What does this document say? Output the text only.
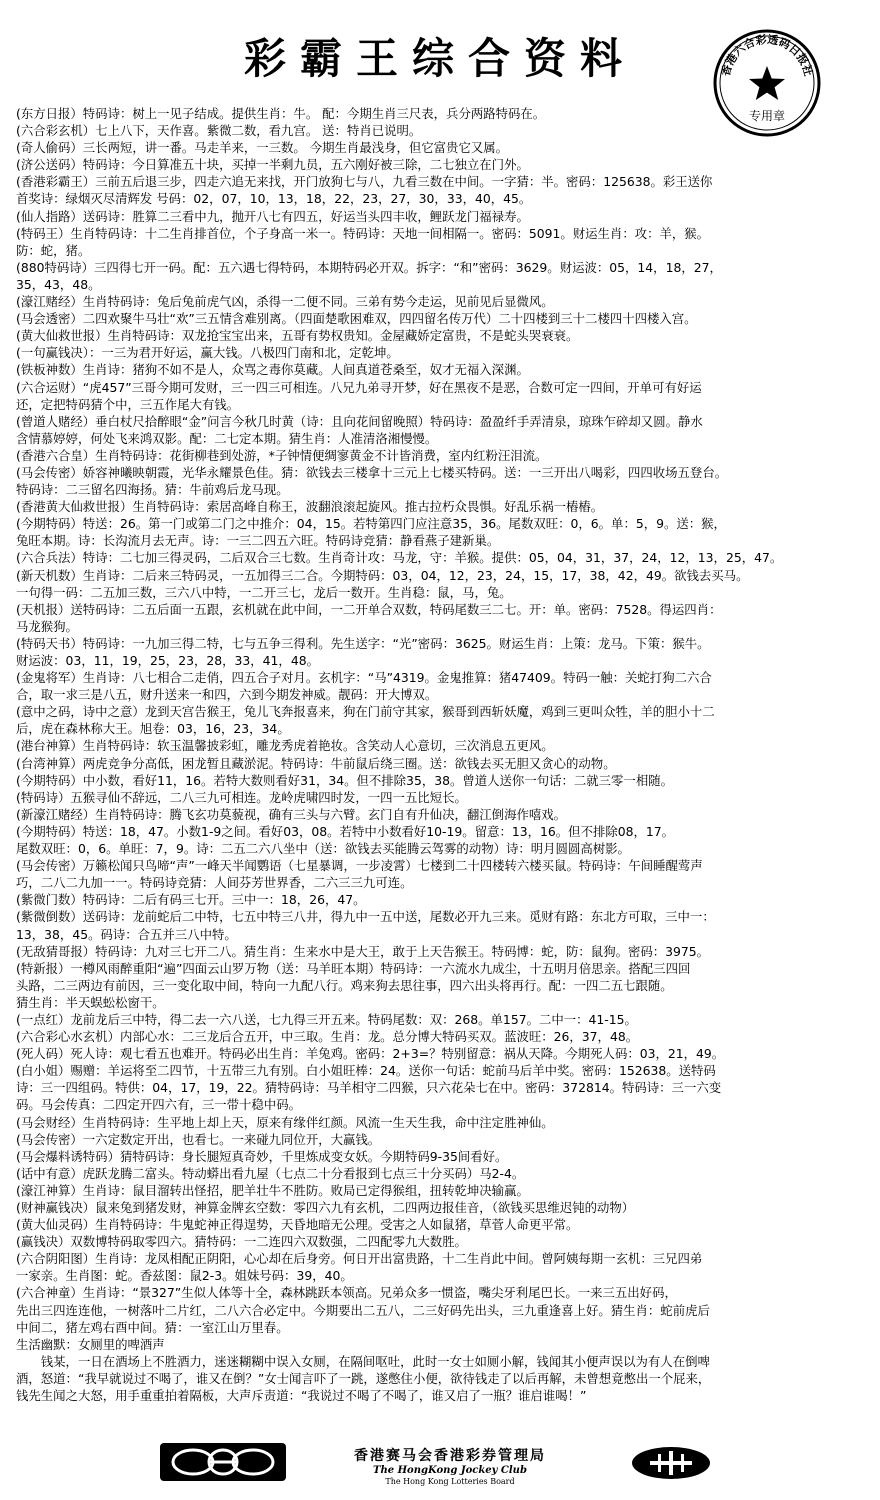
彩霸王综合资料	香港六合彩透码日报社
专用章
(东方日报）特码诗：树上一见子结成。提供生肖：牛。 配：今期生肖三尺表，兵分两路特码在。
(六合彩玄机）七上八下，天作喜。紫微二数，看九宫。 送：特肖已说明。
(奇人偷码）三长两短，讲一番。马走羊来，一三数。 今期生肖最浅身，但它富贵它又属。
(济公送码）特码诗：今日算准五十块，买掉一半剩九员，五六刚好被三除，二七独立在门外。
(香港彩霸王）三前五后退三步，四走六追无来找，开门放狗七与八，九看三数在中间。一字猜：半。密码：125638。彩王送你
首奖诗：绿烟灭尽清辉发 号码：02，07，10，13，18，22，23，27，30，33，40，45。
(仙人指路）送码诗：胜算二三看中九，抛开八七有四五，好运当头四丰收，鲤跃龙门福禄寿。
(特码王）生肖特码诗：十二生肖排首位，个子身高一米一。特码诗：天地一间相隔一。密码：5091。财运生肖：攻：羊，猴。
防：蛇，猪。
(880特码诗）三四得七开一码。配：五六遇七得特码，本期特码必开双。拆字：“和”密码：3629。财运波：05，14，18，27，
35，43，48。
(濠江赌经）生肖特码诗：兔后兔前虎气凶，杀得一二便不同。三弟有势今走运，见前见后显微风。
(马会透密）二四欢聚牛马壮“欢”三五情含难别离。（四面楚歌困难双，四四留名传万代）二十四楼到三十二楼四十四楼入宫。
(黄大仙救世报）生肖特码诗：双龙抢宝宝出来，五哥有势权贵知。金屋藏娇定富贵，不是蛇头哭衰衰。
(一句赢钱决）：一三为君开好运，赢大钱。八极四门南和北，定乾坤。
(铁板神数）生肖诗：猪狗不如不是人，众骂之毒你莫藏。人间真道苍桑至，奴才无福入深渊。
(六合运财）“虎457”三哥今期可发财，三一四三可相连。八兄九弟寻开梦，好在黑夜不是恶，合数可定一四间，开单可有好运
还，定把特码猜个中，三五作尾大有钱。
(曾道人赌经）垂白杖尺拾醉眼“金”问言今秋几时黄（诗：且向花间留晚照）特码诗：盈盈纤手弄清泉，琼珠乍碎却又圆。静水
含情慕婷婷，何处飞来鸿双影。配：二七定本期。猜生肖：人准清洛湘慢慢。
(香港六合皇）生肖特码诗：花街柳巷到处游，*子钟情便绸寥黄金不计皆消费，室内红粉汪泪流。
(马会传密）娇容神曦映朝霞，光华永耀景色佳。猜：欲钱去三楼拿十三元上七楼买特码。送：一三开出八喝彩，四四收场五登台。
特码诗：二三留名四海扬。猜：牛前鸡后龙马现。
(香港黄大仙救世报）生肖特码诗：索居高峰自称王，波翻浪滚起旋风。推古拉朽众畏惧。好乱乐祸一樁樁。
(今期特码）特送：26。第一门或第二门之中推介：04，15。若特第四门应注意35，36。尾数双旺：0，6。单：5，9。送：猴，
兔旺本期。诗：长沟流月去无声。诗：一三二四五六旺。特码诗竞猜：静看燕子建新巢。
(六合兵法）特诗：二七加三得灵码，二后双合三七数。生肖奇计攻：马龙，守：羊猴。提供：05，04，31，37，24，12，13，25，47。
(新天机数）生肖诗：二后来三特码灵，一五加得三二合。今期特码：03，04，12，23，24，15，17，38，42，49。欲钱去买马。
一句得一码：二五加三数，三六八中特，一二开三七，龙后一数开。生肖稳：鼠，马，兔。
(天机报）送特码诗：二五后面一五跟，玄机就在此中间，一二开单合双数，特码尾数三二七。开：单。密码：7528。得运四肖：
马龙猴狗。
(特码天书）特码诗：一九加三得二特，七与五争三得利。先生送字：“光”密码：3625。财运生肖：上策：龙马。下策：猴牛。
财运波：03，11，19，25，23，28，33，41，48。
(金鬼将军）生肖诗：八七相合二走俏，四五合子对月。玄机字：“马”4319。金鬼推算：猪47409。特码一触：关蛇打狗二六合
合，取一求三是八五，财升送来一和四，六到今期发神威。靓码：开大博双。
(意中之码，诗中之意）龙到天宫告猴王，兔儿飞奔报喜来，狗在门前守其家，猴哥到西斩妖魔，鸡到三更叫众牲，羊的胆小十二
后，虎在森林称大王。旭卷：03，16，23，34。
(港台神算）生肖特码诗：软玉温馨披彩虹，雕龙秀虎着艳妆。含笑动人心意切，三次消息五更风。
(台湾神算）两虎竞争分高低，困龙暂且藏淤泥。特码诗：牛前鼠后绕三圈。送：欲钱去买无胆又贪心的动物。
(今期特码）中小数，看好11，16。若特大数则看好31，34。但不排除35，38。曾道人送你一句话：二就三零一相随。
(特码诗）五猴寻仙不辞远，二八三九可相连。龙岭虎啸四时发，一四一五比短长。
(新濠江赌经）生肖特码诗：腾飞玄功莫藐视，确有三头与六臂。玄门自有升仙决，翻江倒海作嘻戏。
(今期特码）特送：18，47。小数1-9之间。看好03，08。若特中小数看好10-19。留意：13，16。但不排除08，17。
尾数双旺：0，6。单旺：7，9。诗：二五二六八坐中（送：欲钱去买能腾云驾雾的动物）诗：明月圆圆高树影。
(马会传密）万籁松闻只鸟啼“声”一峰天半闻鹦语（七星暴调，一步凌霄）七楼到二十四楼转六楼买鼠。特码诗：午间睡醒莺声
巧，二八二九加一一。特码诗竞猜：人间芬芳世界香，二六三三九可连。
(紫微门数）特码诗：二后有码三七开。三中一：18，26，47。
(紫微倒数）送码诗：龙前蛇后二中特，七五中特三八井，得九中一五中送，尾数必开九三来。觅财有路：东北方可取，三中一：
13，38，45。码诗：合五并三八中特。
(无敌猜哥报）特码诗：九对三七开二八。猜生肖：生来水中是大王，敢于上天告猴王。特码博：蛇，防：鼠狗。密码：3975。
(特新报）一樽风雨醉重阳“遍”四面云山罗万物（送：马羊旺本期）特码诗：一六流水九成尘，十五明月倍思亲。搭配三四回
头路，二三两边有前因，三一变化取中间，特向一九配八行。鸡来狗去思往事，四六出头将再行。配：一四二五七跟随。
猜生肖：半天蜈蚣松窗干。
(一点红）龙前龙后三中特，得二去一六八送，七九得三开五来。特码尾数：双：268。单157。二中一：41-15。
(六合彩心水玄机）内部心水：二三龙后合五开，中三取。生肖：龙。总分博大特码买双。蓝波旺：26，37，48。
(死人码）死人诗：观七看五也难开。特码必出生肖：羊兔鸡。密码：2+3=？特别留意：祸从天降。今期死人码：03，21，49。
(白小姐）赐赠：羊运将至二四节，十五带三九有别。白小姐旺棒：24。送你一句话：蛇前马后羊中奖。密码：152638。送特码
诗：三一四组码。特供：04，17，19，22。猜特码诗：马羊相守二四猴，只六花朵七在中。密码：372814。特码诗：三一六变
码。马会传真：二四定开四六有，三一带十稳中码。
(马会财经）生肖特码诗：生平地上却上天，原来有缘伴红颜。风流一生天生我，命中注定胜神仙。
(马会传密）一六定数定开出，也看七。一来碰九同位开，大赢钱。
(马会爆料诱特码）猜特码诗：身长腿短真奇妙，千里炼成变女妖。今期特码9-35间看好。
(话中有意）虎跃龙腾二富头。特动蟒出看九屋（七点二十分看报到七点三十分买码）马2-4。
(濠江神算）生肖诗：鼠目溜转出怪招，肥羊壮牛不胜防。败局已定得猴组，扭转乾坤决输赢。
(财神赢钱决）鼠来兔到猪发财，神算金牌玄空数：零四六九有玄机，二四两边报佳音，（欲钱买思维迟钝的动物）
(黄大仙灵码）生肖特码诗：牛鬼蛇神正得逞势，天昏地暗无公理。受害之人如鼠猪，草菅人命更平常。
(赢钱决）双数博特码取零四六。猜特码：一二连四六双数强，二四配零九大数胜。
(六合阴阳图）生肖诗：龙凤相配正阴阳，心心却在后身旁。何日开出富贵路，十二生肖此中间。曾阿姨每期一玄机：三兄四弟
一家亲。生肖图：蛇。香兹图：鼠2-3。姐妹号码：39，40。
(六合神童）生肖诗：“景327”生似人体等十全，森林跳跃本领高。兄弟众多一惯盗，嘴尖牙利尾巴长。一来三五出好码，
先出三四连连他，一树落叶二片红，二八六合必定中。今期要出二五八，二三好码先出头，三九重逢喜上好。猜生肖：蛇前虎后
中间二，猪左鸡右酉中间。猜：一室江山万里春。
生活幽默：女厕里的啤酒声
　　钱某，一日在酒场上不胜酒力，迷迷糊糊中误入女厕，在隔间呕吐，此时一女士如厕小解，钱闻其小便声误以为有人在倒啤
酒，怒道：“我早就说过不喝了，谁又在倒？”女士闻言吓了一跳，遂憋住小便，欲待钱走了以后再解，未曾想竟憋出一个屁来，
钱先生闻之大怒，用手重重拍着隔板，大声斥责道：“我说过不喝了不喝了，谁又启了一瓶？谁启谁喝！”
香港赛马会香港彩券管理局
The HongKong Jockey Club
The Hong Kong Lotteries Board
